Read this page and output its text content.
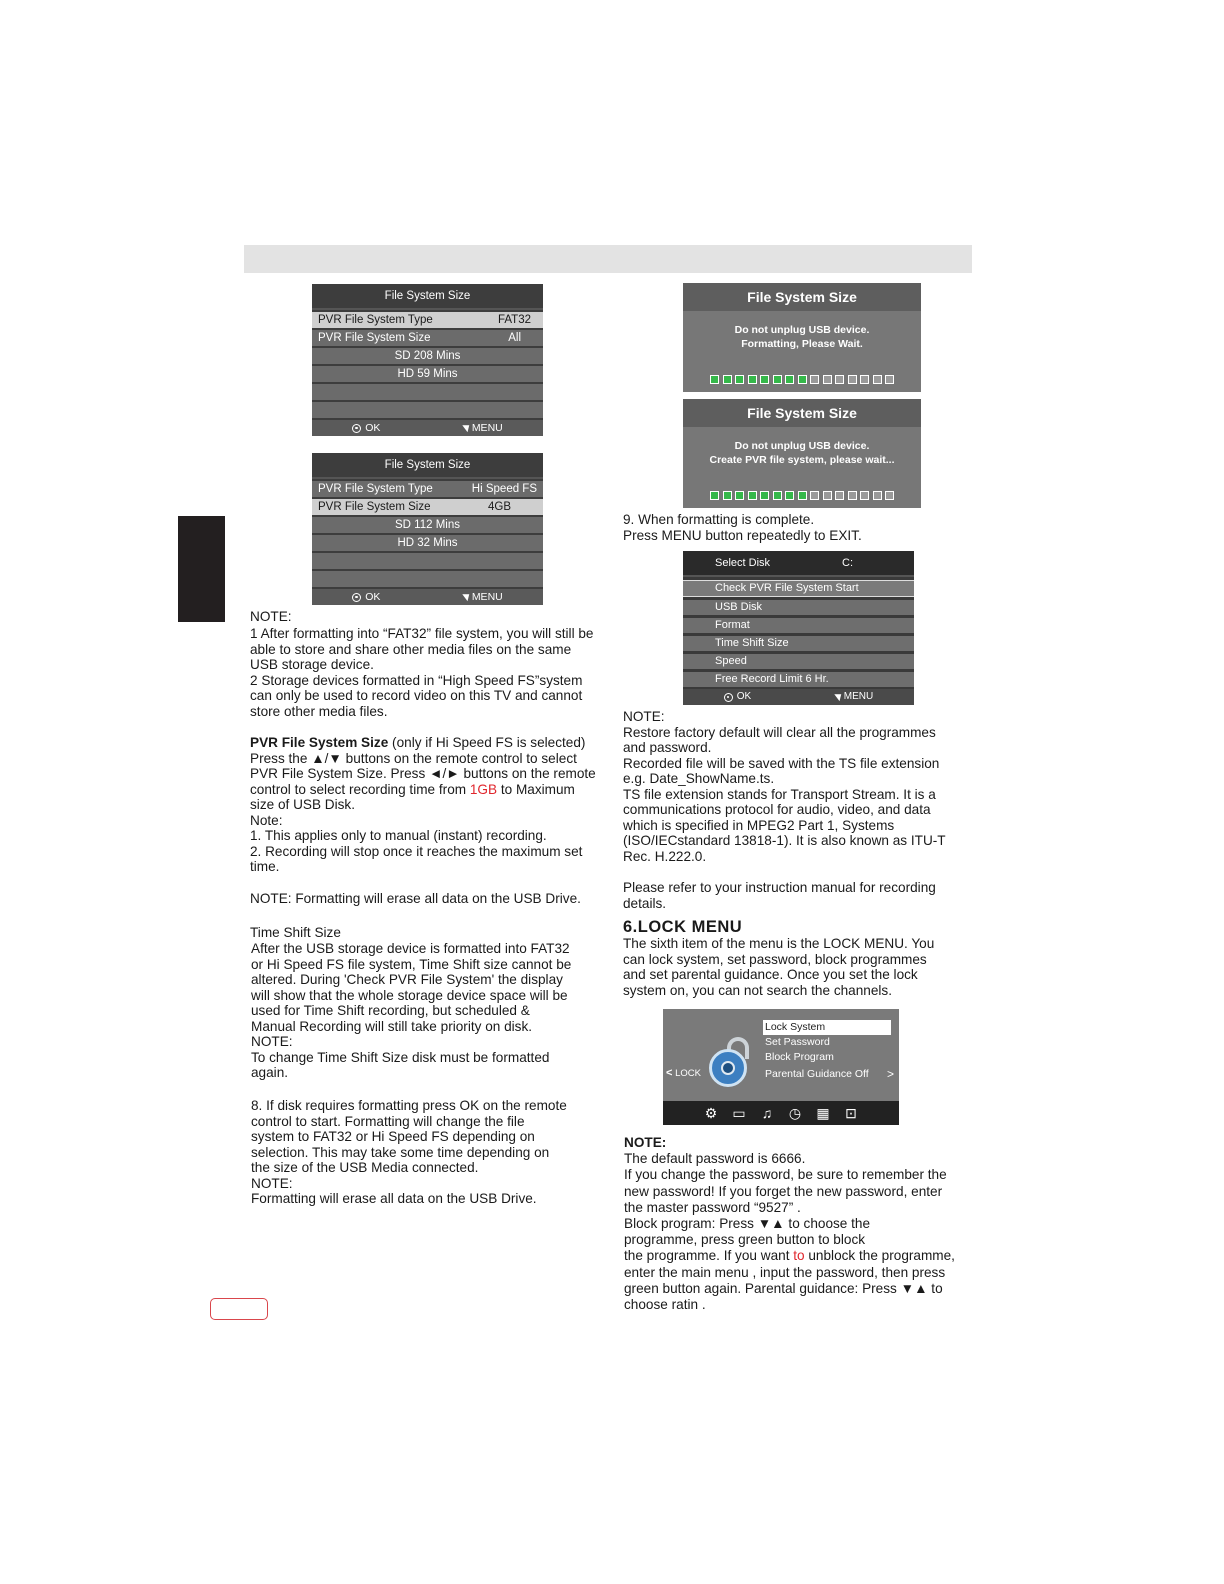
File System Size
PVR File System Type	FAT32
PVR File System Size	All
SD 208 Mins
HD 59 Mins
OK	◥ MENU
File System Size
PVR File System Type	Hi Speed FS
PVR File System Size	4GB
SD 112 Mins
HD 32 Mins
OK	◥ MENU
File System Size
Do not unplug USB device.
Formatting, Please Wait.
File System Size
Do not unplug USB device.
Create PVR file system, please wait...
NOTE:
1 After formatting into “FAT32” file system, you will still be
able to store and share other media files on the same
USB storage device.
2 Storage devices formatted in “High Speed FS”system
can only be used to record video on this TV and cannot
store other media files.
PVR File System Size (only if Hi Speed FS is selected)
Press the ▲/▼ buttons on the remote control to select
PVR File System Size. Press ◄/► buttons on the remote
control to select recording time from 1GB to Maximum
size of USB Disk.
Note:
1. This applies only to manual (instant) recording.
2. Recording will stop once it reaches the maximum set
time.
NOTE: Formatting will erase all data on the USB Drive.
Time Shift Size
After the USB storage device is formatted into FAT32
or Hi Speed FS file system, Time Shift size cannot be
altered. During 'Check PVR File System' the display
will show that the whole storage device space will be
used for Time Shift recording, but scheduled &
Manual Recording will still take priority on disk.
NOTE:
To change Time Shift Size disk must be formatted
again.
8. If disk requires formatting press OK on the remote
control to start. Formatting will change the file
system to FAT32 or Hi Speed FS depending on
selection. This may take some time depending on
the size of the USB Media connected.
NOTE:
Formatting will erase all data on the USB Drive.
9. When formatting is complete.
Press MENU button repeatedly to EXIT.
Select Disk	C:
Check PVR File System Start
USB Disk
Format
Time Shift Size
Speed
Free Record Limit 6 Hr.
OK	◥ MENU
NOTE:
Restore factory default will clear all the programmes
and password.
Recorded file will be saved with the TS file extension
e.g. Date_ShowName.ts.
TS file extension stands for Transport Stream. It is a
communications protocol for audio, video, and data
which is specified in MPEG2 Part 1, Systems
(ISO/IECstandard 13818-1). It is also known as ITU-T
Rec. H.222.0.
Please refer to your instruction manual for recording
details.
6.LOCK MENU
The sixth item of the menu is the LOCK MENU. You
can lock system, set password, block programmes
and set parental guidance. Once you set the lock
system on, you can not search the channels.
< LOCK
Lock System
Set Password
Block Program
Parental Guidance Off	>
⚙ ▭ ♫ ◷ ▦ ⊡
NOTE:
The default password is 6666.
If you change the password, be sure to remember the
new password! If you forget the new password, enter
the master password “9527” .
Block program: Press ▼▲ to choose the
programme, press green button to block
the programme. If you want to unblock the programme,
enter the main menu , input the password, then press
green button again. Parental guidance: Press ▼▲ to
choose ratin .
